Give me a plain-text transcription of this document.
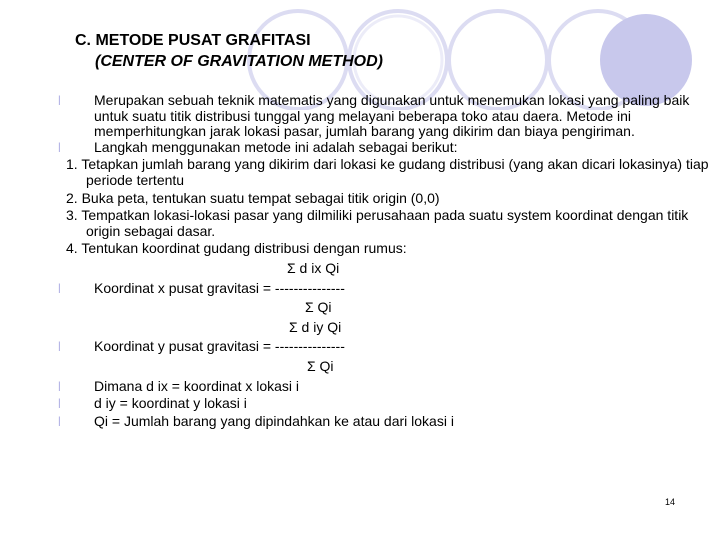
C. METODE PUSAT GRAFITASI
(CENTER OF GRAVITATION METHOD)
l Merupakan sebuah teknik matematis yang digunakan untuk menemukan lokasi yang paling baik untuk suatu titik distribusi tunggal yang melayani beberapa toko atau daera. Metode ini memperhitungkan jarak lokasi pasar, jumlah barang yang dikirim dan biaya pengiriman.
l Langkah menggunakan metode ini adalah sebagai berikut:
1. Tetapkan jumlah barang yang dikirim dari lokasi ke gudang distribusi (yang akan dicari lokasinya) tiap periode tertentu
2. Buka peta, tentukan suatu tempat sebagai titik origin (0,0)
3. Tempatkan lokasi-lokasi pasar yang dilmiliki perusahaan pada suatu system koordinat dengan titik origin sebagai dasar.
4. Tentukan koordinat gudang distribusi dengan rumus:
Σ d ix Qi
l Koordinat x pusat gravitasi = ---------------
Σ Qi
Σ d iy Qi
l Koordinat y pusat gravitasi = ---------------
Σ Qi
l Dimana d ix = koordinat x lokasi i
l d iy = koordinat y lokasi i
l Qi = Jumlah barang yang dipindahkan ke atau dari lokasi i
14
